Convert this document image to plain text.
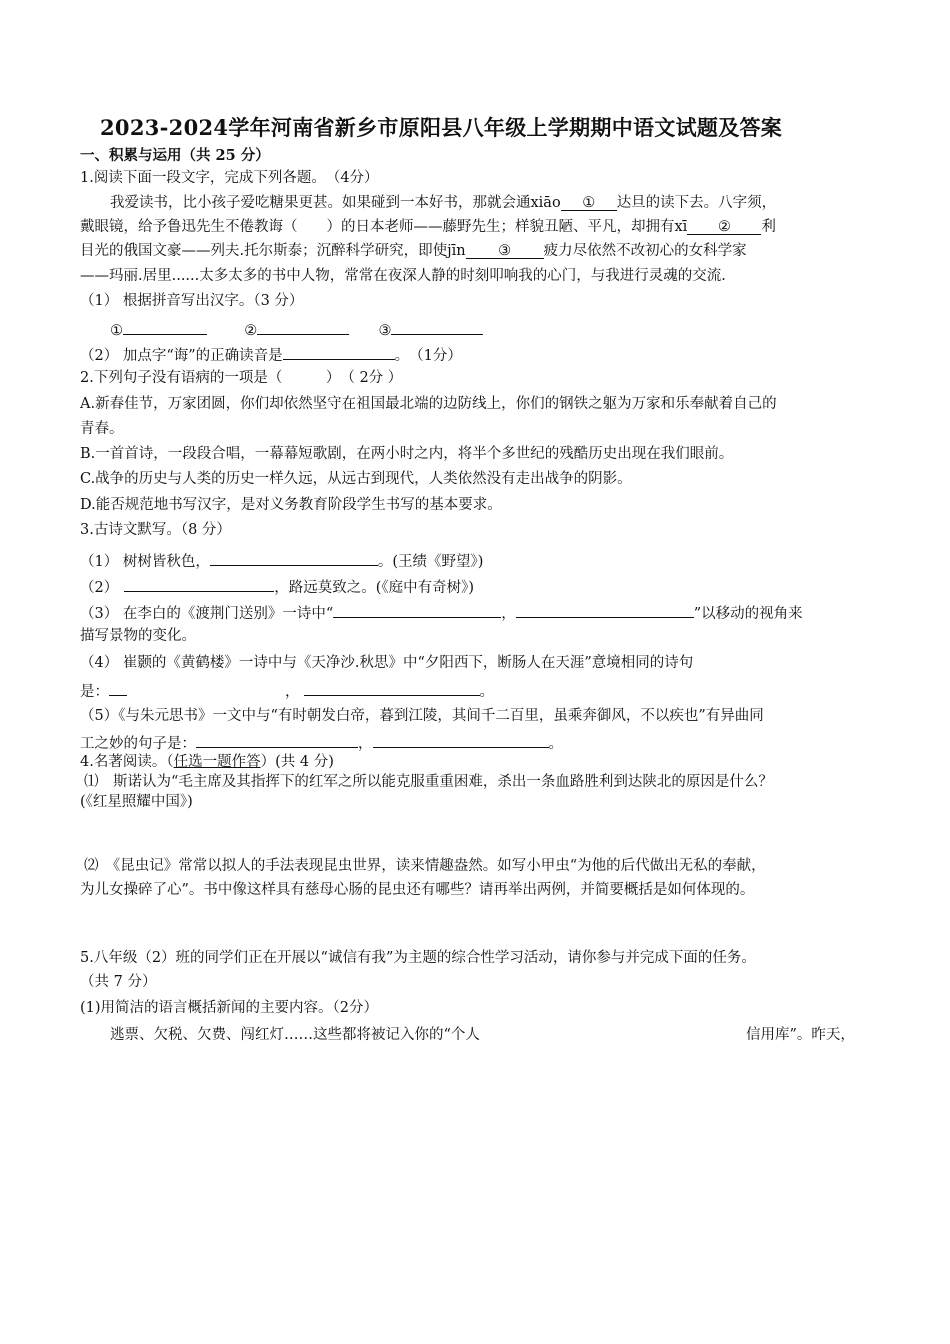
2023-2024学年河南省新乡市原阳县八年级上学期期中语文试题及答案
一、积累与运用（共 25 分）
1.阅读下面一段文字，完成下列各题。　（4分）
我爱读书，比小孩子爱吃糖果更甚。如果碰到一本好书，那就会通xiāo ① 达旦的读下去。八字须，
戴眼镜，给予鲁迅先生不倦教诲（　　）的日本老师——藤野先生；样貌丑陋、平凡，却拥有xī ② 利
目光的俄国文豪——列夫.托尔斯泰；沉醉科学研究，即使jīn ③ 疲力尽依然不改初心的女科学家
——玛丽.居里......太多太多的书中人物，常常在夜深人静的时刻叩响我的心门，与我进行灵魂的交流.
（1） 根据拼音写出汉字。（3 分）
①	②	③
（2） 加点字“诲”的正确读音是	。　（1分）
2.下列句子没有语病的一项是（　　　）　（ 2分 ）
A.新春佳节，万家团圆，你们却依然坚守在祖国最北端的边防线上，你们的钢铁之躯为万家和乐奉献着自己的
青春。
B.一首首诗，一段段合唱，一幕幕短歌剧，在两小时之内，将半个多世纪的残酷历史出现在我们眼前。
C.战争的历史与人类的历史一样久远，从远古到现代，人类依然没有走出战争的阴影。
D.能否规范地书写汉字，是对义务教育阶段学生书写的基本要求。
3.古诗文默写。（8 分）
（1） 树树皆秋色，	。(王绩《野望》)
（2）	，路远莫致之。(《庭中有奇树》)
（3） 在李白的《渡荆门送别》一诗中“	，	”以移动的视角来
描写景物的变化。
（4） 崔颢的《黄鹤楼》一诗中与《天净沙.秋思》中“夕阳西下，断肠人在天涯”意境相同的诗句
是：	，	。
（5）《与朱元思书》一文中与“有时朝发白帝，暮到江陵，其间千二百里，虽乘奔御风，不以疾也”有异曲同
工之妙的句子是：	，	。
4.名著阅读。（任选一题作答）(共 4 分)
⑴　斯诺认为“毛主席及其指挥下的红军之所以能克服重重困难，杀出一条血路胜利到达陕北的原因是什么？
(《红星照耀中国》)
⑵　《昆虫记》常常以拟人的手法表现昆虫世界，读来情趣盎然。如写小甲虫“为他的后代做出无私的奉献，
为儿女操碎了心”。书中像这样具有慈母心肠的昆虫还有哪些？请再举出两例，并简要概括是如何体现的。
5.八年级（2）班的同学们正在开展以“诚信有我”为主题的综合性学习活动，请你参与并完成下面的任务。
（共 7 分）
(1)用简洁的语言概括新闻的主要内容。（2分）
逃票、欠税、欠费、闯红灯……这些都将被记入你的“个人	信用库”。昨天，
